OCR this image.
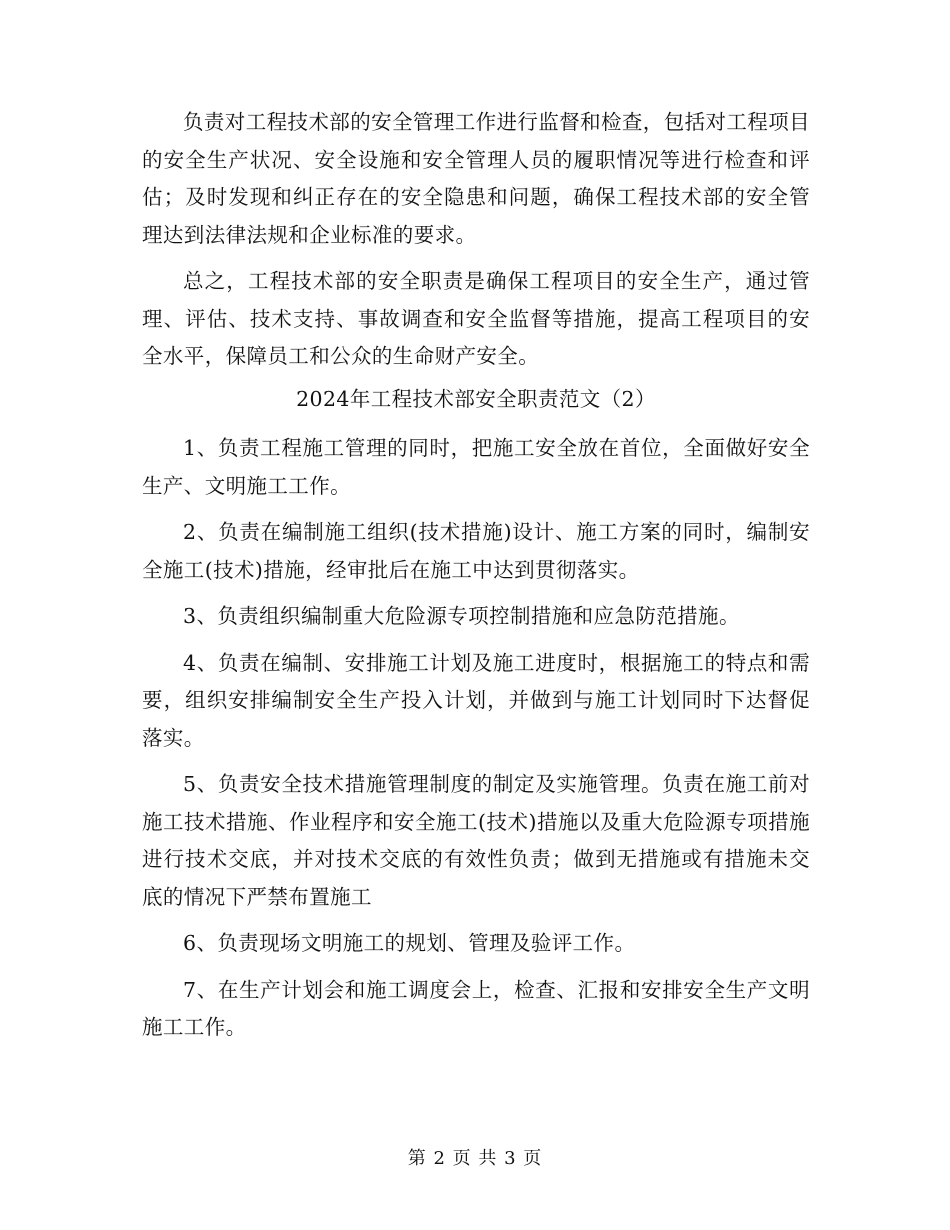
负责对工程技术部的安全管理工作进行监督和检查，包括对工程项目的安全生产状况、安全设施和安全管理人员的履职情况等进行检查和评估；及时发现和纠正存在的安全隐患和问题，确保工程技术部的安全管理达到法律法规和企业标准的要求。

总之，工程技术部的安全职责是确保工程项目的安全生产，通过管理、评估、技术支持、事故调查和安全监督等措施，提高工程项目的安全水平，保障员工和公众的生命财产安全。

2024年工程技术部安全职责范文（2）

1、负责工程施工管理的同时，把施工安全放在首位，全面做好安全生产、文明施工工作。

2、负责在编制施工组织(技术措施)设计、施工方案的同时，编制安全施工(技术)措施，经审批后在施工中达到贯彻落实。

3、负责组织编制重大危险源专项控制措施和应急防范措施。

4、负责在编制、安排施工计划及施工进度时，根据施工的特点和需要，组织安排编制安全生产投入计划，并做到与施工计划同时下达督促落实。

5、负责安全技术措施管理制度的制定及实施管理。负责在施工前对施工技术措施、作业程序和安全施工(技术)措施以及重大危险源专项措施进行技术交底，并对技术交底的有效性负责；做到无措施或有措施未交底的情况下严禁布置施工

6、负责现场文明施工的规划、管理及验评工作。

7、在生产计划会和施工调度会上，检查、汇报和安排安全生产文明施工工作。

第 2 页 共 3 页
